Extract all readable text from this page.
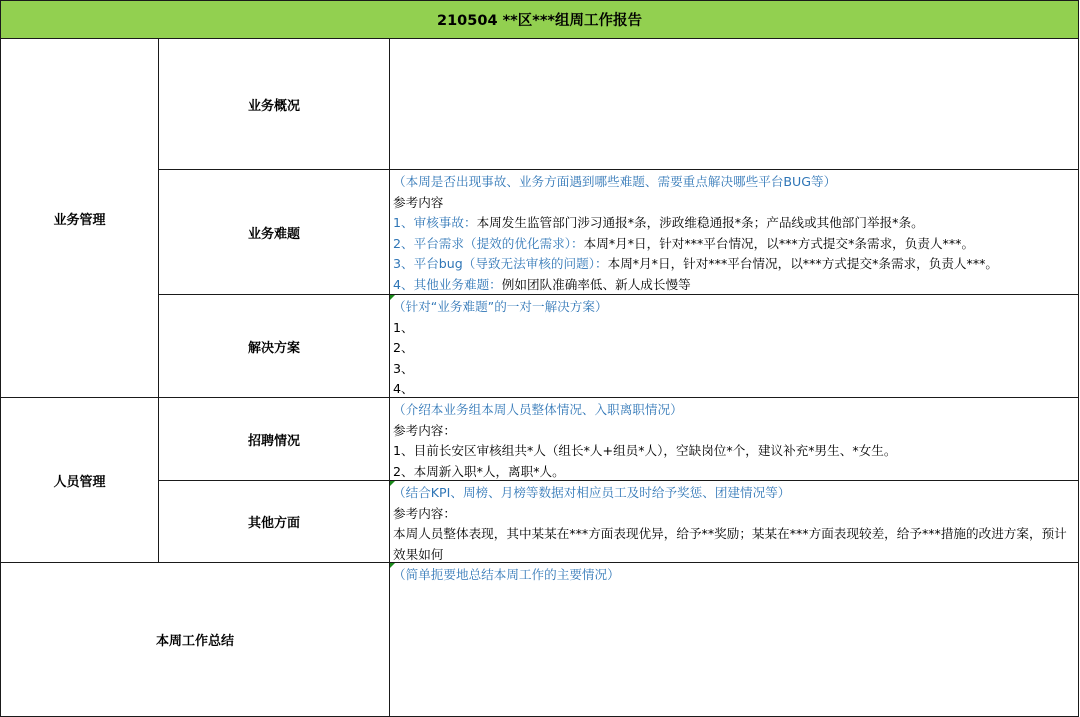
210504 **区***组周工作报告
业务管理
业务概况
业务难题

（本周是否出现事故、业务方面遇到哪些难题、需要重点解决哪些平台BUG等）

参考内容

1、审核事故：本周发生监管部门涉习通报*条，涉政维稳通报*条；产品线或其他部门举报*条。

2、平台需求（提效的优化需求）：本周*月*日，针对***平台情况，以***方式提交*条需求，负责人***。

3、平台bug（导致无法审核的问题）：本周*月*日，针对***平台情况，以***方式提交*条需求，负责人***。

4、其他业务难题：例如团队准确率低、新人成长慢等

解决方案

（针对“业务难题”的一对一解决方案）

1、

2、

3、

4、

人员管理
招聘情况

（介绍本业务组本周人员整体情况、入职离职情况）

参考内容：

1、目前长安区审核组共*人（组长*人+组员*人），空缺岗位*个，建议补充*男生、*女生。

2、本周新入职*人，离职*人。

其他方面

（结合KPI、周榜、月榜等数据对相应员工及时给予奖惩、团建情况等）

参考内容：

本周人员整体表现，其中某某在***方面表现优异，给予**奖励；某某在***方面表现较差，给予***措施的改进方案，预计效果如何

本周工作总结

（简单扼要地总结本周工作的主要情况）
